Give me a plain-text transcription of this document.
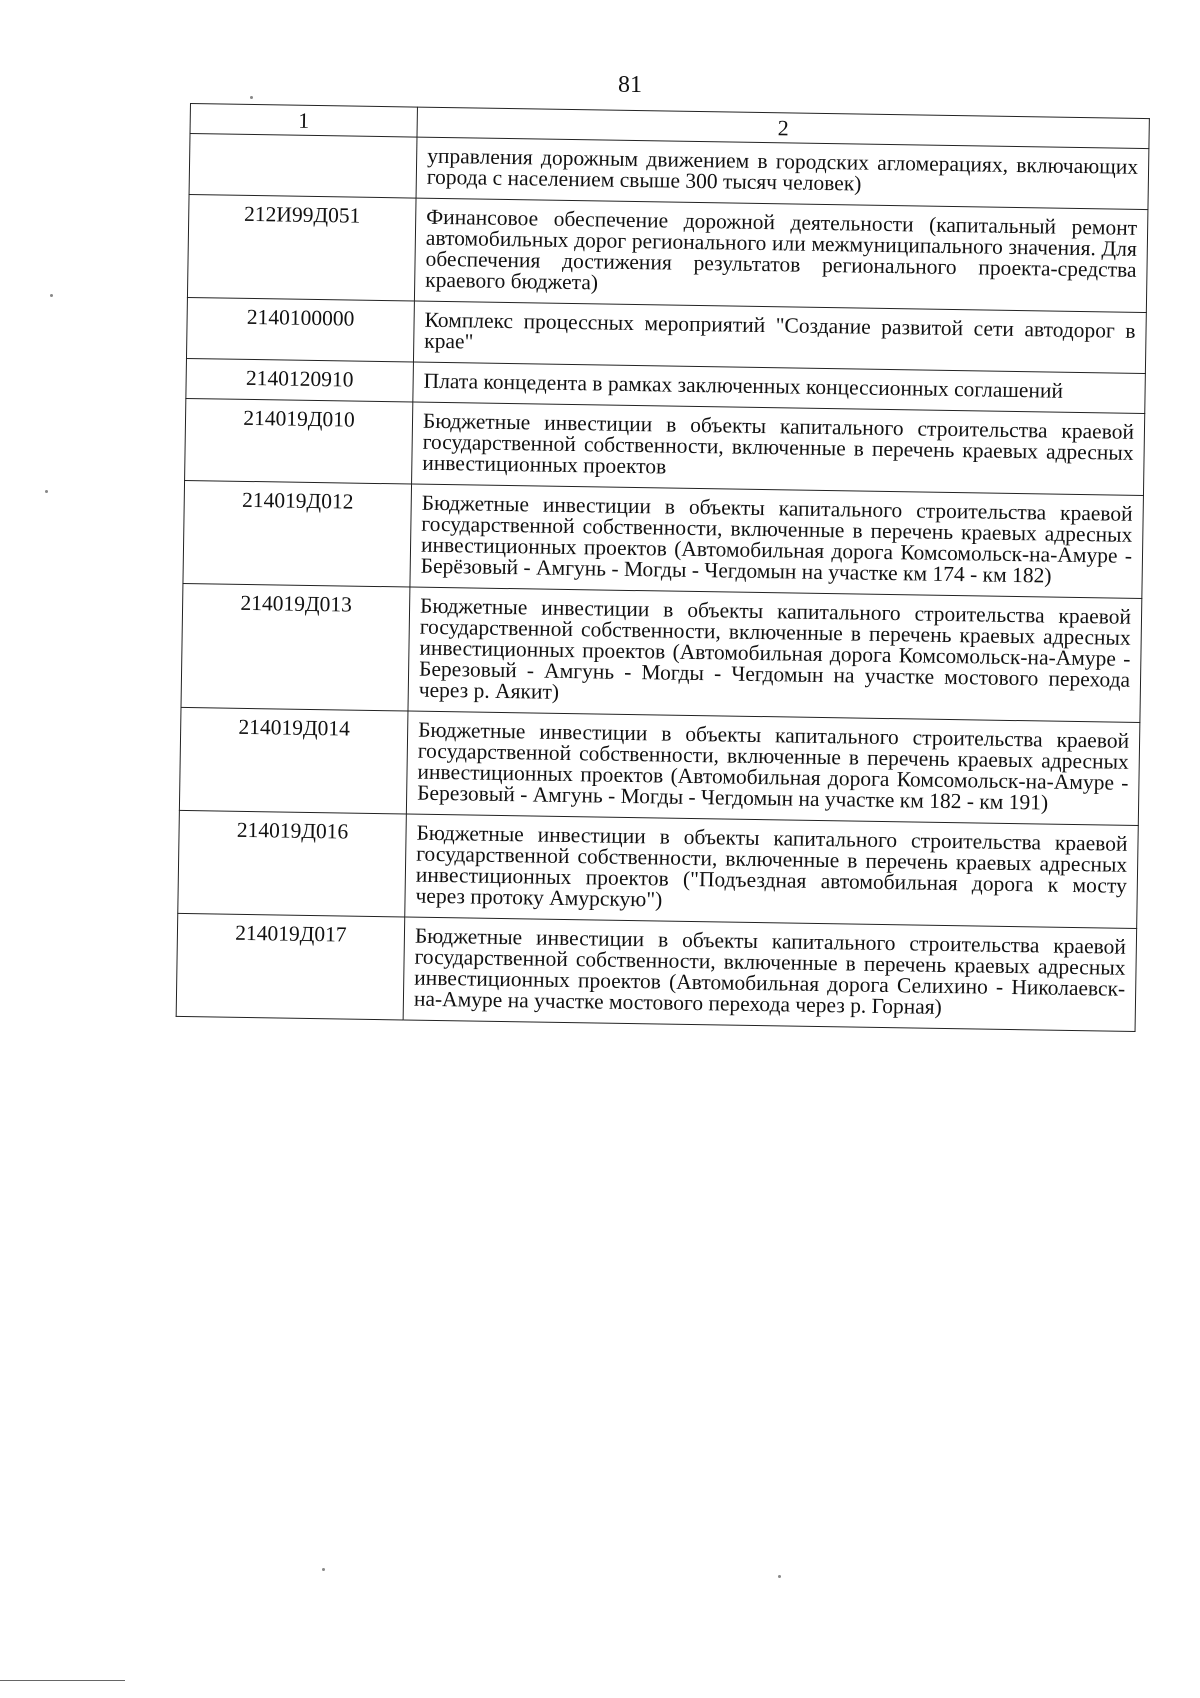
81
1	2
	управления дорожным движением в городских агломерациях, включающих города с населением свыше 300 тысяч человек)
212И99Д051	Финансовое обеспечение дорожной деятельности (капитальный ремонт автомобильных дорог регионального или межмуниципального значения. Для обеспечения достижения результатов регионального проекта-средства краевого бюджета)
2140100000	Комплекс процессных мероприятий "Создание развитой сети автодорог в крае"
2140120910	Плата концедента в рамках заключенных концессионных соглашений
214019Д010	Бюджетные инвестиции в объекты капитального строительства краевой государственной собственности, включенные в перечень краевых адресных инвестиционных проектов
214019Д012	Бюджетные инвестиции в объекты капитального строительства краевой государственной собственности, включенные в перечень краевых адресных инвестиционных проектов (Автомобильная дорога Комсомольск-на-Амуре - Берёзовый - Амгунь - Могды - Чегдомын на участке км 174 - км 182)
214019Д013	Бюджетные инвестиции в объекты капитального строительства краевой государственной собственности, включенные в перечень краевых адресных инвестиционных проектов (Автомобильная дорога Комсомольск-на-Амуре - Березовый - Амгунь - Могды - Чегдомын на участке мостового перехода через р. Аякит)
214019Д014	Бюджетные инвестиции в объекты капитального строительства краевой государственной собственности, включенные в перечень краевых адресных инвестиционных проектов (Автомобильная дорога Комсомольск-на-Амуре - Березовый - Амгунь - Могды - Чегдомын на участке км 182 - км 191)
214019Д016	Бюджетные инвестиции в объекты капитального строительства краевой государственной собственности, включенные в перечень краевых адресных инвестиционных проектов ("Подъездная автомобильная дорога к мосту через протоку Амурскую")
214019Д017	Бюджетные инвестиции в объекты капитального строительства краевой государственной собственности, включенные в перечень краевых адресных инвестиционных проектов (Автомобильная дорога Селихино - Николаевск-на-Амуре на участке мостового перехода через р. Горная)
